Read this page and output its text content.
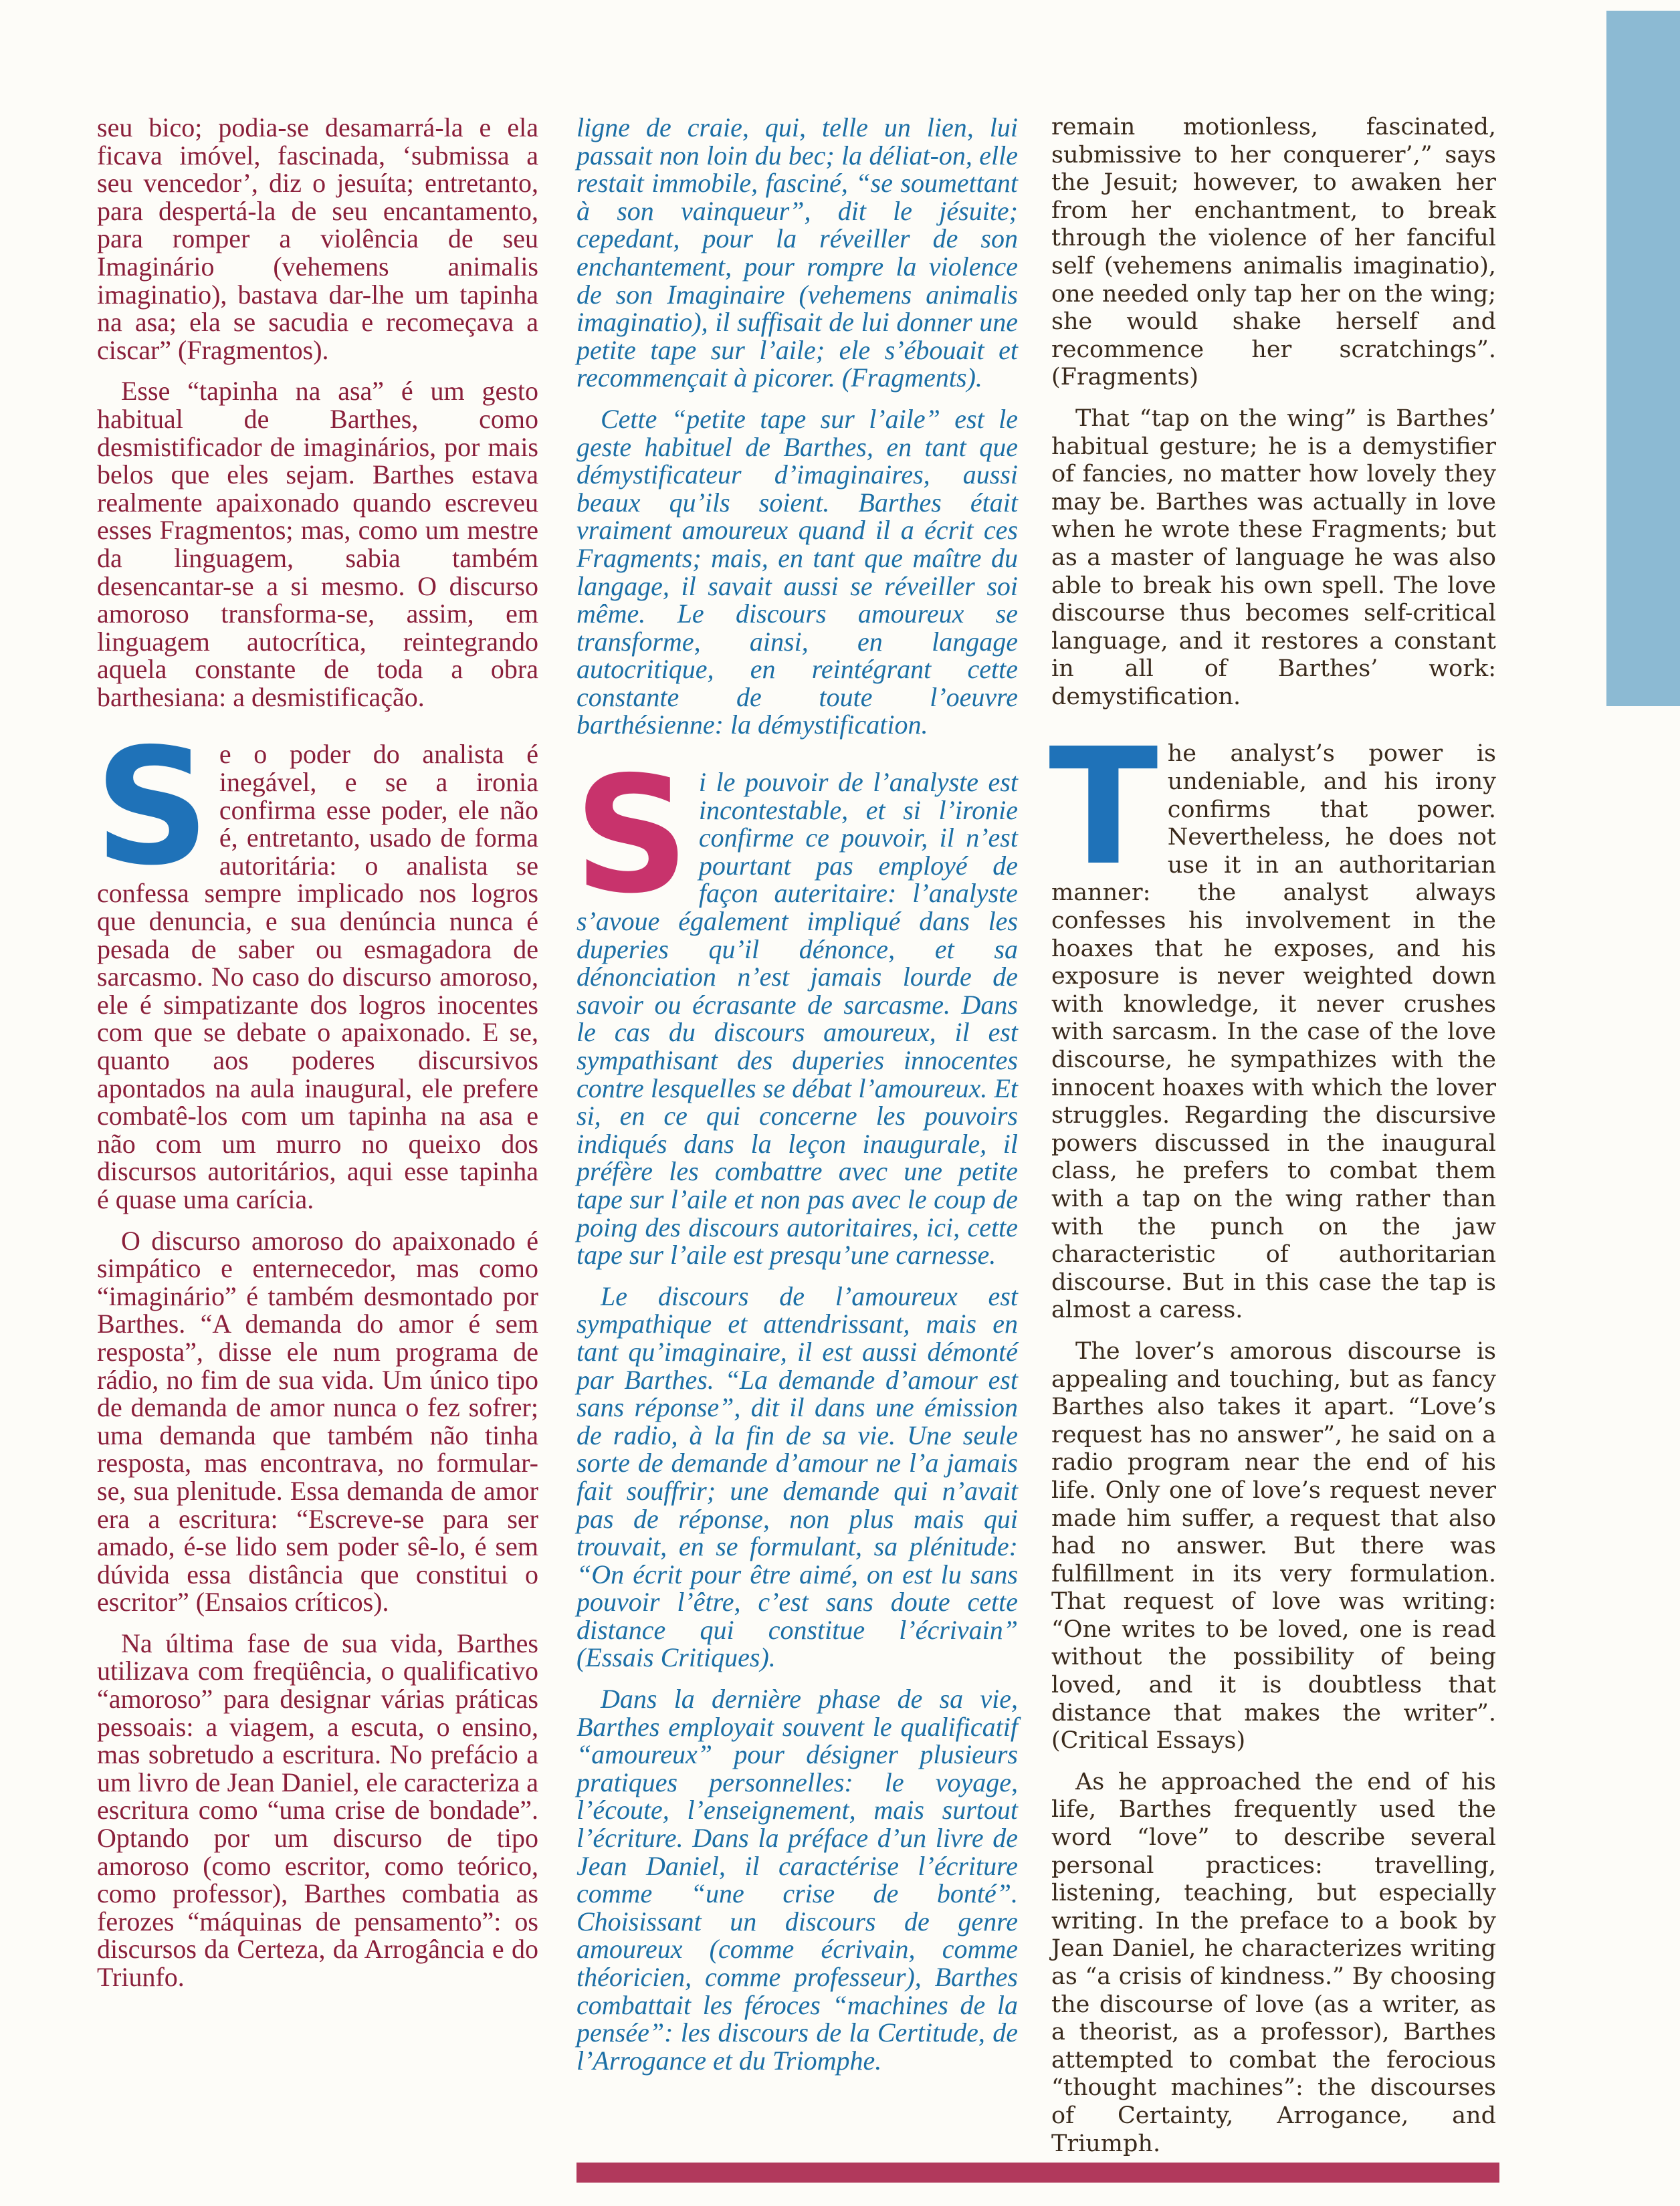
seu bico; podia-se desamarrá-la e ela ficava imóvel, fascinada, ‘submissa a seu vencedor’, diz o jesuíta; entretanto, para despertá-la de seu encantamento, para romper a violência de seu Imaginário (vehemens animalis imaginatio), bastava dar-lhe um tapinha na asa; ela se sacudia e recomeçava a ciscar” (Fragmentos).

Esse “tapinha na asa” é um gesto habitual de Barthes, como desmistificador de imaginários, por mais belos que eles sejam. Barthes estava realmente apaixonado quando escreveu esses Fragmentos; mas, como um mestre da linguagem, sabia também desencantar-se a si mesmo. O discurso amoroso transforma-se, assim, em linguagem autocrítica, reintegrando aquela constante de toda a obra barthesiana: a desmistificação.

Se o poder do analista é inegável, e se a ironia confirma esse poder, ele não é, entretanto, usado de forma autoritária: o analista se confessa sempre implicado nos logros que denuncia, e sua denúncia nunca é pesada de saber ou esmagadora de sarcasmo. No caso do discurso amoroso, ele é simpatizante dos logros inocentes com que se debate o apaixonado. E se, quanto aos poderes discursivos apontados na aula inaugural, ele prefere combatê-los com um tapinha na asa e não com um murro no queixo dos discursos autoritários, aqui esse tapinha é quase uma carícia.

O discurso amoroso do apaixonado é simpático e enternecedor, mas como “imaginário” é também desmontado por Barthes. “A demanda do amor é sem resposta”, disse ele num programa de rádio, no fim de sua vida. Um único tipo de demanda de amor nunca o fez sofrer; uma demanda que também não tinha resposta, mas encontrava, no formular-se, sua plenitude. Essa demanda de amor era a escritura: “Escreve-se para ser amado, é-se lido sem poder sê-lo, é sem dúvida essa distância que constitui o escritor” (Ensaios críticos).

Na última fase de sua vida, Barthes utilizava com freqüência, o qualificativo “amoroso” para designar várias práticas pessoais: a viagem, a escuta, o ensino, mas sobretudo a escritura. No prefácio a um livro de Jean Daniel, ele caracteriza a escritura como “uma crise de bondade”. Optando por um discurso de tipo amoroso (como escritor, como teórico, como professor), Barthes combatia as ferozes “máquinas de pensamento”: os discursos da Certeza, da Arrogância e do Triunfo.

ligne de craie, qui, telle un lien, lui passait non loin du bec; la déliat-on, elle restait immobile, fasciné, “se soumettant à son vainqueur”, dit le jésuite; cepedant, pour la réveiller de son enchantement, pour rompre la violence de son Imaginaire (vehemens animalis imaginatio), il suffisait de lui donner une petite tape sur l’aile; ele s’ébouait et recommençait à picorer. (Fragments).

Cette “petite tape sur l’aile” est le geste habituel de Barthes, en tant que démystificateur d’imaginaires, aussi beaux qu’ils soient. Barthes était vraiment amoureux quand il a écrit ces Fragments; mais, en tant que maître du langage, il savait aussi se réveiller soi même. Le discours amoureux se transforme, ainsi, en langage autocritique, en reintégrant cette constante de toute l’oeuvre barthésienne: la démystification.

Si le pouvoir de l’analyste est incontestable, et si l’ironie confirme ce pouvoir, il n’est pourtant pas employé de façon auteritaire: l’analyste s’avoue également impliqué dans les duperies qu’il dénonce, et sa dénonciation n’est jamais lourde de savoir ou écrasante de sarcasme. Dans le cas du discours amoureux, il est sympathisant des duperies innocentes contre lesquelles se débat l’amoureux. Et si, en ce qui concerne les pouvoirs indiqués dans la leçon inaugurale, il préfère les combattre avec une petite tape sur l’aile et non pas avec le coup de poing des discours autoritaires, ici, cette tape sur l’aile est presqu’une carnesse.

Le discours de l’amoureux est sympathique et attendrissant, mais en tant qu’imaginaire, il est aussi démonté par Barthes. “La demande d’amour est sans réponse”, dit il dans une émission de radio, à la fin de sa vie. Une seule sorte de demande d’amour ne l’a jamais fait souffrir; une demande qui n’avait pas de réponse, non plus mais qui trouvait, en se formulant, sa plénitude: “On écrit pour être aimé, on est lu sans pouvoir l’être, c’est sans doute cette distance qui constitue l’écrivain” (Essais Critiques).

Dans la dernière phase de sa vie, Barthes employait souvent le qualificatif “amoureux” pour désigner plusieurs pratiques personnelles: le voyage, l’écoute, l’enseignement, mais surtout l’écriture. Dans la préface d’un livre de Jean Daniel, il caractérise l’écriture comme “une crise de bonté”. Choisissant un discours de genre amoureux (comme écrivain, comme théoricien, comme professeur), Barthes combattait les féroces “machines de la pensée”: les discours de la Certitude, de l’Arrogance et du Triomphe.

remain motionless, fascinated, submissive to her conquerer’,” says the Jesuit; however, to awaken her from her enchantment, to break through the violence of her fanciful self (vehemens animalis imaginatio), one needed only tap her on the wing; she would shake herself and recommence her scratchings”. (Fragments)

That “tap on the wing” is Barthes’ habitual gesture; he is a demystifier of fancies, no matter how lovely they may be. Barthes was actually in love when he wrote these Fragments; but as a master of language he was also able to break his own spell. The love discourse thus becomes self-critical language, and it restores a constant in all of Barthes’ work: demystification.

The analyst’s power is undeniable, and his irony confirms that power. Nevertheless, he does not use it in an authoritarian manner: the analyst always confesses his involvement in the hoaxes that he exposes, and his exposure is never weighted down with knowledge, it never crushes with sarcasm. In the case of the love discourse, he sympathizes with the innocent hoaxes with which the lover struggles. Regarding the discursive powers discussed in the inaugural class, he prefers to combat them with a tap on the wing rather than with the punch on the jaw characteristic of authoritarian discourse. But in this case the tap is almost a caress.

The lover’s amorous discourse is appealing and touching, but as fancy Barthes also takes it apart. “Love’s request has no answer”, he said on a radio program near the end of his life. Only one of love’s request never made him suffer, a request that also had no answer. But there was fulfillment in its very formulation. That request of love was writing: “One writes to be loved, one is read without the possibility of being loved, and it is doubtless that distance that makes the writer”. (Critical Essays)

As he approached the end of his life, Barthes frequently used the word “love” to describe several personal practices: travelling, listening, teaching, but especially writing. In the preface to a book by Jean Daniel, he characterizes writing as “a crisis of kindness.” By choosing the discourse of love (as a writer, as a theorist, as a professor), Barthes attempted to combat the ferocious “thought machines”: the discourses of Certainty, Arrogance, and Triumph.
